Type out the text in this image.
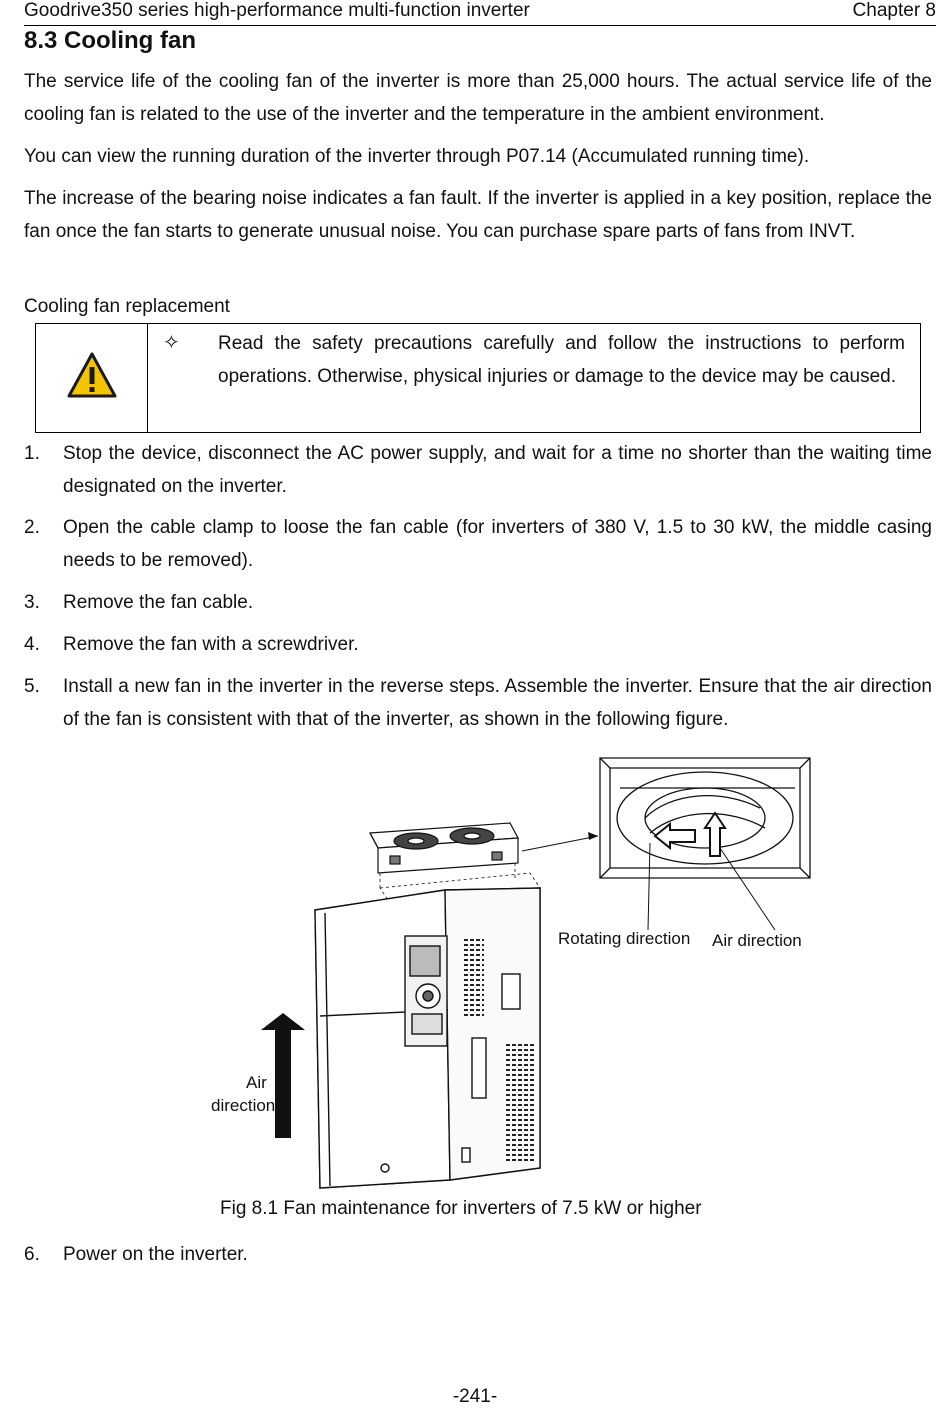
Goodrive350 series high-performance multi-function inverter	Chapter 8
8.3 Cooling fan

The service life of the cooling fan of the inverter is more than 25,000 hours. The actual service life of the cooling fan is related to the use of the inverter and the temperature in the ambient environment.

You can view the running duration of the inverter through P07.14 (Accumulated running time).

The increase of the bearing noise indicates a fan fault. If the inverter is applied in a key position, replace the fan once the fan starts to generate unusual noise. You can purchase spare parts of fans from INVT.

Cooling fan replacement

✧ Read the safety precautions carefully and follow the instructions to perform operations. Otherwise, physical injuries or damage to the device may be caused.

1. Stop the device, disconnect the AC power supply, and wait for a time no shorter than the waiting time designated on the inverter.
2. Open the cable clamp to loose the fan cable (for inverters of 380 V, 1.5 to 30 kW, the middle casing needs to be removed).
3. Remove the fan cable.
4. Remove the fan with a screwdriver.
5. Install a new fan in the inverter in the reverse steps. Assemble the inverter. Ensure that the air direction of the fan is consistent with that of the inverter, as shown in the following figure.
Rotating direction Air direction
Air
direction
Fig 8.1 Fan maintenance for inverters of 7.5 kW or higher
6. Power on the inverter.
-241-
